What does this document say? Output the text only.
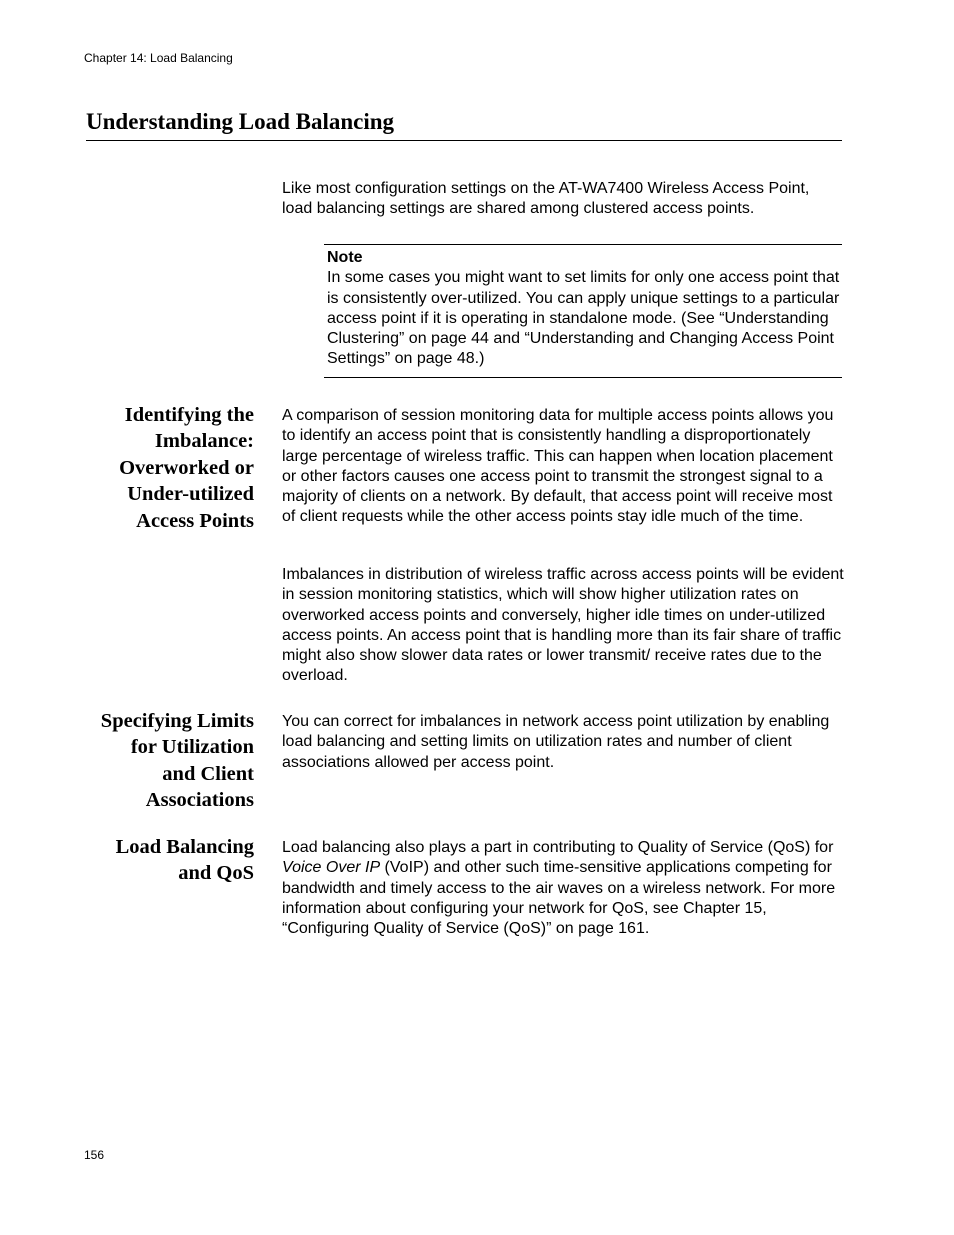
Chapter 14: Load Balancing
Understanding Load Balancing

Like most configuration settings on the AT-WA7400 Wireless Access Point, load balancing settings are shared among clustered access points.

Note
In some cases you might want to set limits for only one access point that is consistently over-utilized. You can apply unique settings to a particular access point if it is operating in standalone mode. (See “Understanding Clustering” on page 44 and “Understanding and Changing Access Point Settings” on page 48.)
Identifying the
Imbalance:
Overworked or
Under-utilized
Access Points

A comparison of session monitoring data for multiple access points allows you to identify an access point that is consistently handling a disproportionately large percentage of wireless traffic. This can happen when location placement or other factors causes one access point to transmit the strongest signal to a majority of clients on a network. By default, that access point will receive most of client requests while the other access points stay idle much of the time.

Imbalances in distribution of wireless traffic across access points will be evident in session monitoring statistics, which will show higher utilization rates on overworked access points and conversely, higher idle times on under-utilized access points. An access point that is handling more than its fair share of traffic might also show slower data rates or lower transmit/ receive rates due to the overload.

Specifying Limits
for Utilization
and Client
Associations

You can correct for imbalances in network access point utilization by enabling load balancing and setting limits on utilization rates and number of client associations allowed per access point.

Load Balancing
and QoS

Load balancing also plays a part in contributing to Quality of Service (QoS) for Voice Over IP (VoIP) and other such time-sensitive applications competing for bandwidth and timely access to the air waves on a wireless network. For more information about configuring your network for QoS, see Chapter 15, “Configuring Quality of Service (QoS)” on page 161.

156
